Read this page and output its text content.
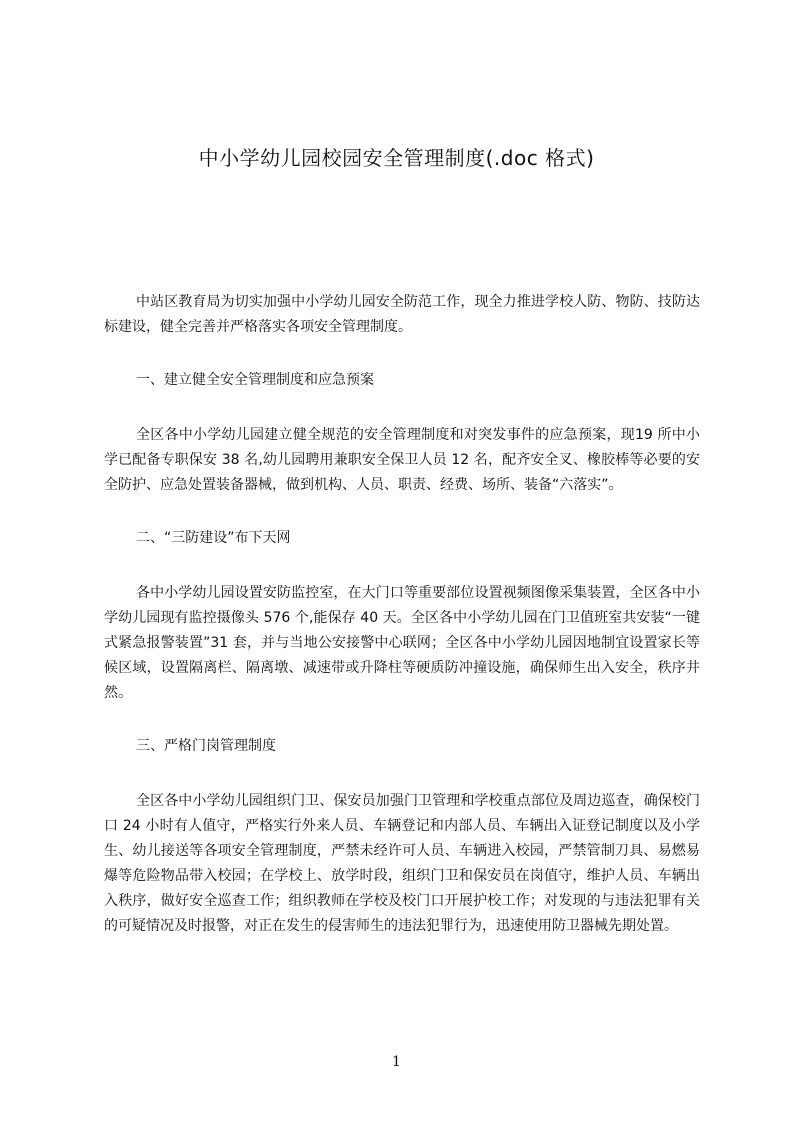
中小学幼儿园校园安全管理制度(.doc 格式)

中站区教育局为切实加强中小学幼儿园安全防范工作，现全力推进学校人防、物防、技防达标建设，健全完善并严格落实各项安全管理制度。

一、建立健全安全管理制度和应急预案

全区各中小学幼儿园建立健全规范的安全管理制度和对突发事件的应急预案，现19 所中小学已配备专职保安 38 名,幼儿园聘用兼职安全保卫人员 12 名，配齐安全叉、橡胶棒等必要的安全防护、应急处置装备器械，做到机构、人员、职责、经费、场所、装备“六落实”。

二、“三防建设”布下天网

各中小学幼儿园设置安防监控室，在大门口等重要部位设置视频图像采集装置，全区各中小学幼儿园现有监控摄像头 576 个,能保存 40 天。全区各中小学幼儿园在门卫值班室共安装“一键式紧急报警装置”31 套，并与当地公安接警中心联网；全区各中小学幼儿园因地制宜设置家长等候区域，设置隔离栏、隔离墩、减速带或升降柱等硬质防冲撞设施，确保师生出入安全，秩序井然。

三、严格门岗管理制度

全区各中小学幼儿园组织门卫、保安员加强门卫管理和学校重点部位及周边巡查，确保校门口 24 小时有人值守，严格实行外来人员、车辆登记和内部人员、车辆出入证登记制度以及小学生、幼儿接送等各项安全管理制度，严禁未经许可人员、车辆进入校园，严禁管制刀具、易燃易爆等危险物品带入校园；在学校上、放学时段，组织门卫和保安员在岗值守，维护人员、车辆出入秩序，做好安全巡查工作；组织教师在学校及校门口开展护校工作；对发现的与违法犯罪有关的可疑情况及时报警，对正在发生的侵害师生的违法犯罪行为，迅速使用防卫器械先期处置。

1
